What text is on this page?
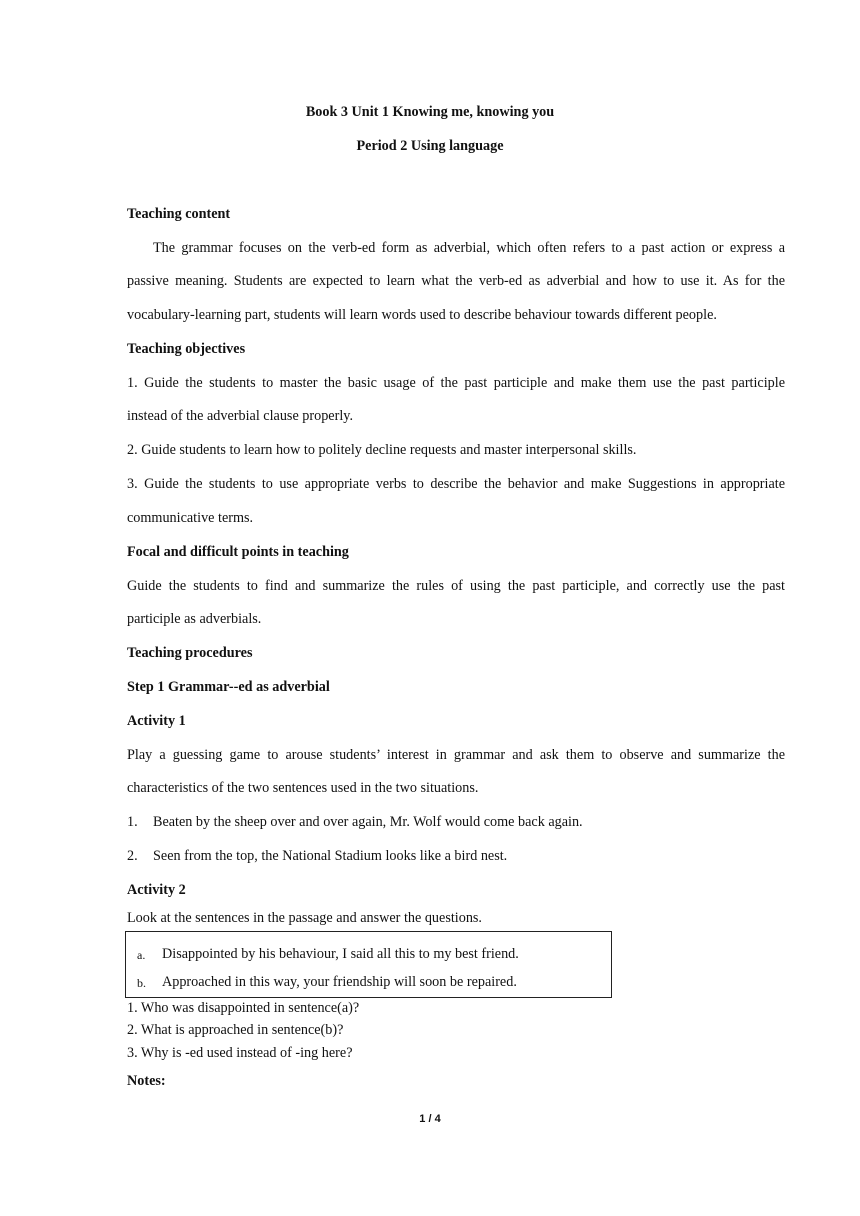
Book 3 Unit 1 Knowing me, knowing you
Period 2 Using language
Teaching content
The grammar focuses on the verb-ed form as adverbial, which often refers to a past action or express a
passive meaning. Students are expected to learn what the verb-ed as adverbial and how to use it. As for the
vocabulary-learning part, students will learn words used to describe behaviour towards different people.
Teaching objectives
1. Guide the students to master the basic usage of the past participle and make them use the past participle
instead of the adverbial clause properly.
2. Guide students to learn how to politely decline requests and master interpersonal skills.
3. Guide the students to use appropriate verbs to describe the behavior and make Suggestions in appropriate
communicative terms.
Focal and difficult points in teaching
Guide the students to find and summarize the rules of using the past participle, and correctly use the past
participle as adverbials.
Teaching procedures
Step 1 Grammar--ed as adverbial
Activity 1
Play a guessing game to arouse students’ interest in grammar and ask them to observe and summarize the
characteristics of the two sentences used in the two situations.
1. Beaten by the sheep over and over again, Mr. Wolf would come back again.
2. Seen from the top, the National Stadium looks like a bird nest.
Activity 2
Look at the sentences in the passage and answer the questions.
a. Disappointed by his behaviour, I said all this to my best friend.
b. Approached in this way, your friendship will soon be repaired.
1. Who was disappointed in sentence(a)?
2. What is approached in sentence(b)?
3. Why is -ed used instead of -ing here?
Notes:
1 / 4
